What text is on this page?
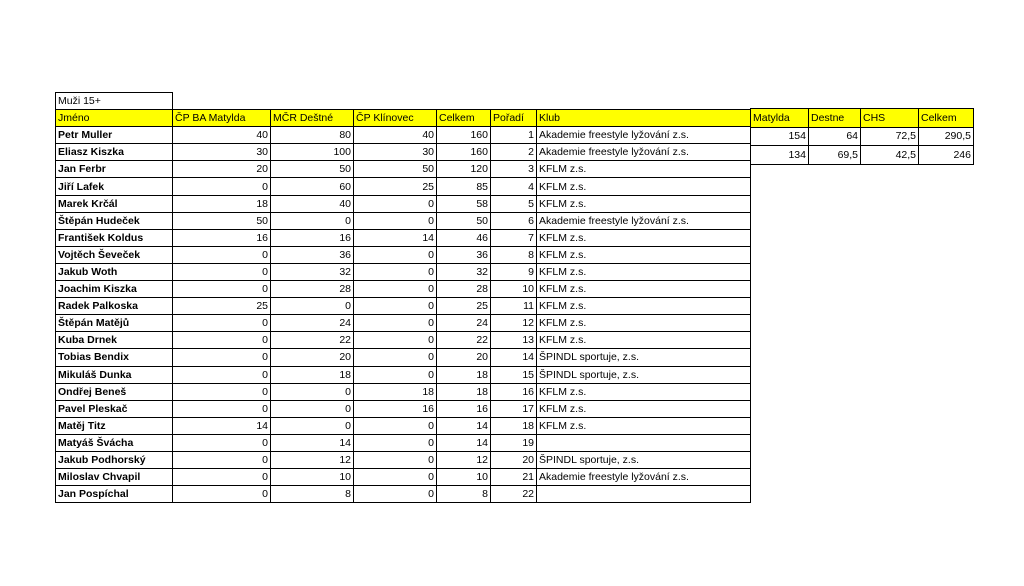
Muži 15+						
Jméno	ČP BA Matylda	MČR Deštné	ČP Klínovec	Celkem	Pořadí	Klub
Petr Muller	40	80	40	160	1	Akademie freestyle lyžování z.s.
Eliasz Kiszka	30	100	30	160	2	Akademie freestyle lyžování z.s.
Jan Ferbr	20	50	50	120	3	KFLM z.s.
Jiří Lafek	0	60	25	85	4	KFLM z.s.
Marek Krčál	18	40	0	58	5	KFLM z.s.
Štěpán Hudeček	50	0	0	50	6	Akademie freestyle lyžování z.s.
František Koldus	16	16	14	46	7	KFLM z.s.
Vojtěch Ševeček	0	36	0	36	8	KFLM z.s.
Jakub Woth	0	32	0	32	9	KFLM z.s.
Joachim Kiszka	0	28	0	28	10	KFLM z.s.
Radek Palkoska	25	0	0	25	11	KFLM z.s.
Štěpán Matějů	0	24	0	24	12	KFLM z.s.
Kuba Drnek	0	22	0	22	13	KFLM z.s.
Tobias Bendix	0	20	0	20	14	ŠPINDL sportuje, z.s.
Mikuláš Dunka	0	18	0	18	15	ŠPINDL sportuje, z.s.
Ondřej Beneš	0	0	18	18	16	KFLM z.s.
Pavel Pleskač	0	0	16	16	17	KFLM z.s.
Matěj Titz	14	0	0	14	18	KFLM z.s.
Matyáš Švácha	0	14	0	14	19	
Jakub Podhorský	0	12	0	12	20	ŠPINDL sportuje, z.s.
Miloslav Chvapil	0	10	0	10	21	Akademie freestyle lyžování z.s.
Jan Pospíchal	0	8	0	8	22	
Matylda	Destne	CHS	Celkem
154	64	72,5	290,5
134	69,5	42,5	246
